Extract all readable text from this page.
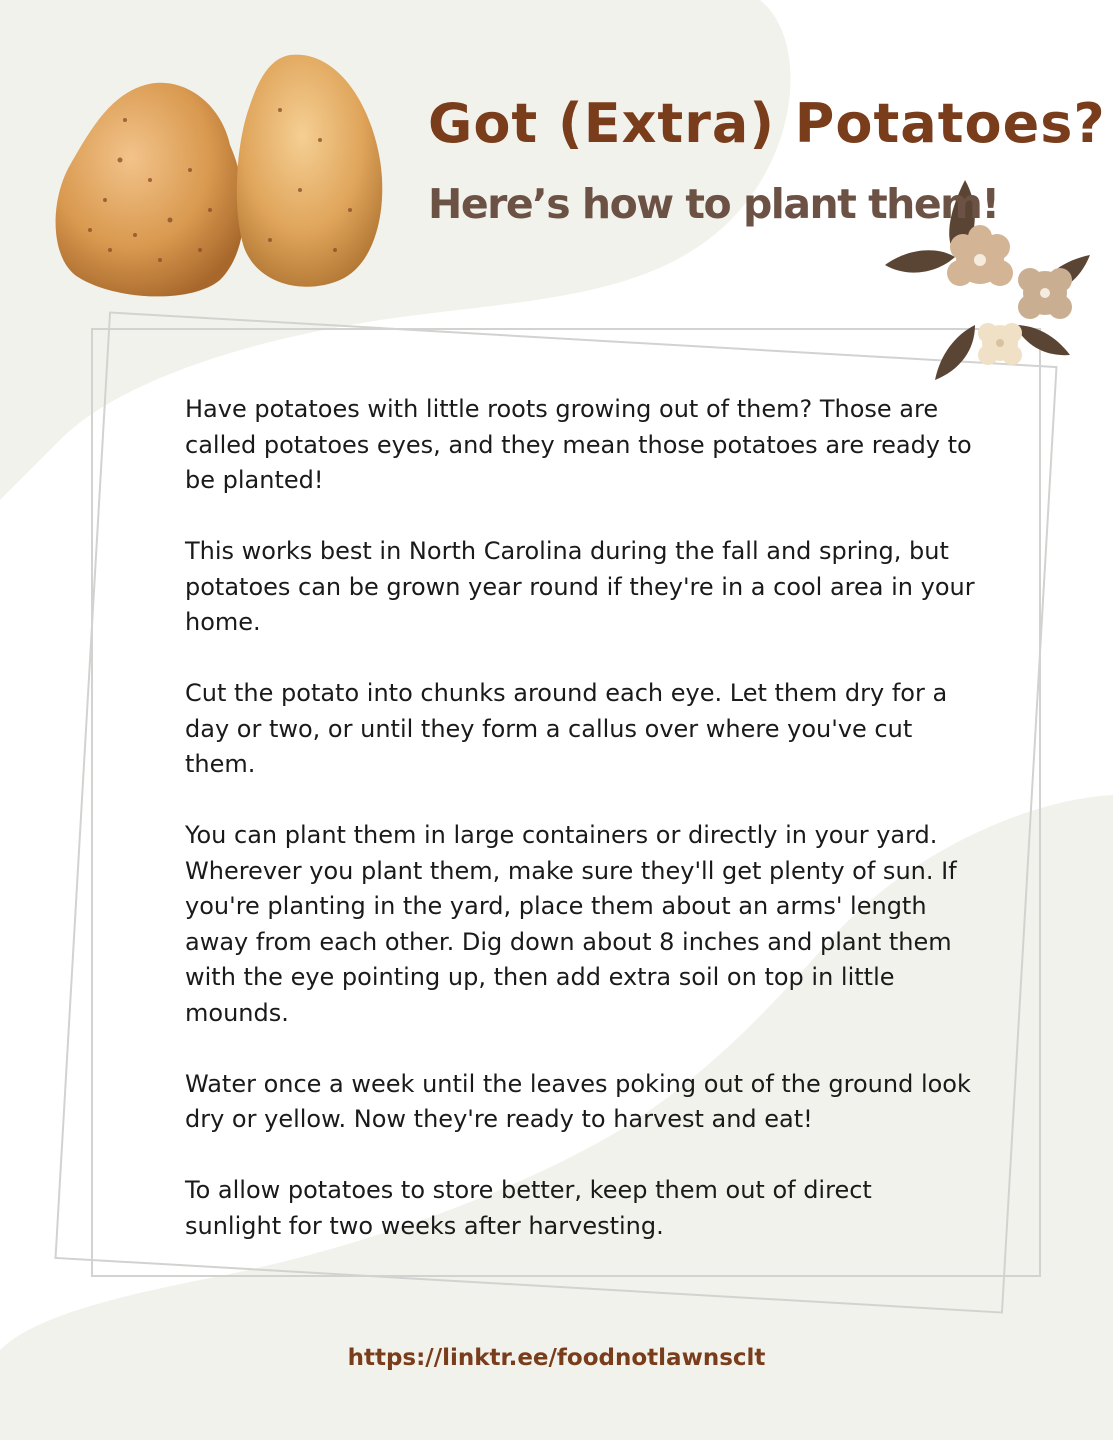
Got (Extra) Potatoes?
Here’s how to plant them!

Have potatoes with little roots growing out of them? Those are called potatoes eyes, and they mean those potatoes are ready to be planted!

This works best in North Carolina during the fall and spring, but potatoes can be grown year round if they're in a cool area in your home.

Cut the potato into chunks around each eye. Let them dry for a day or two, or until they form a callus over where you've cut them.

You can plant them in large containers or directly in your yard. Wherever you plant them, make sure they'll get plenty of sun. If you're planting in the yard, place them about an arms' length away from each other. Dig down about 8 inches and plant them with the eye pointing up, then add extra soil on top in little mounds.

Water once a week until the leaves poking out of the ground look dry or yellow. Now they're ready to harvest and eat!

To allow potatoes to store better, keep them out of direct sunlight for two weeks after harvesting.

https://linktr.ee/foodnotlawnsclt
